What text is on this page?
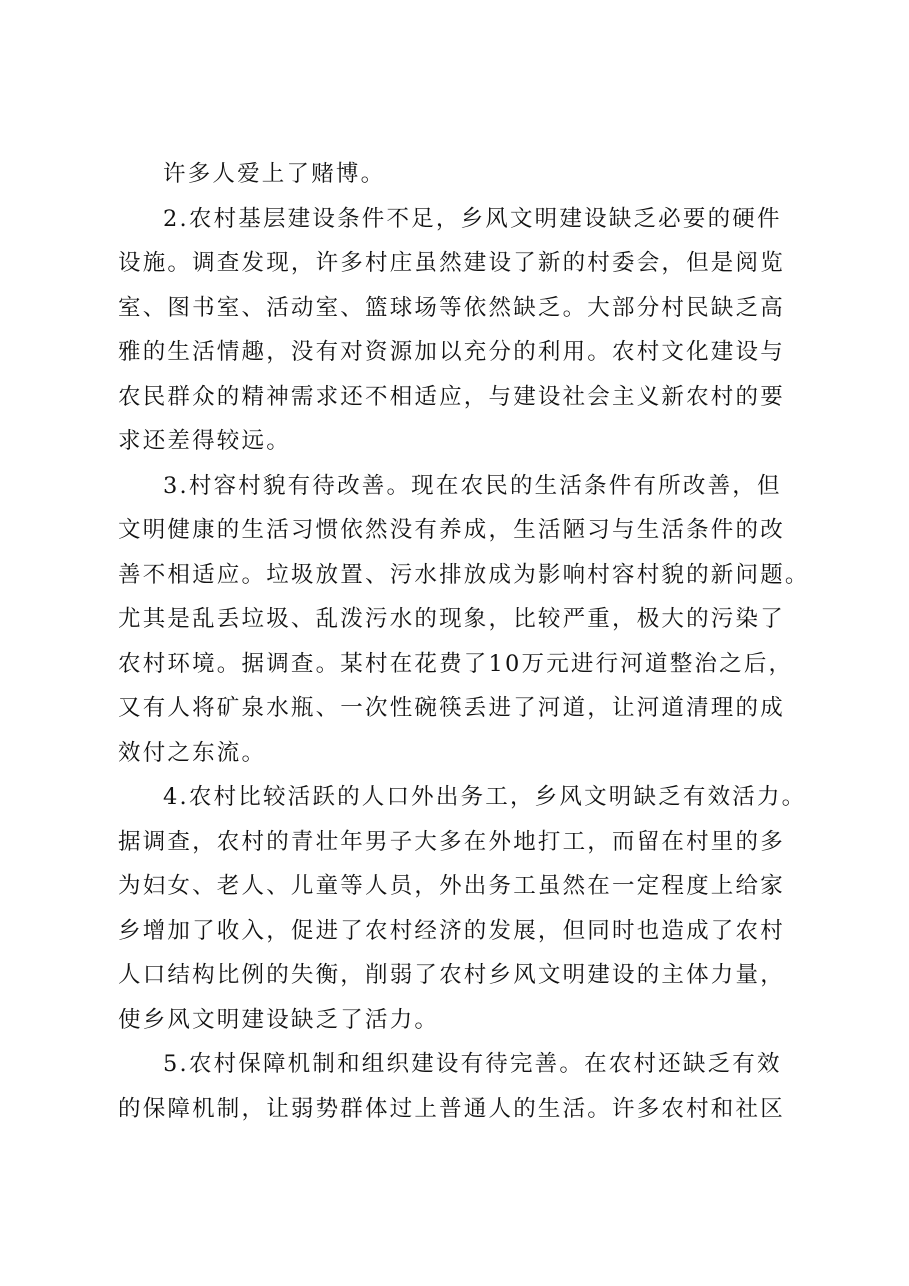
许多人爱上了赌博。

2.农村基层建设条件不足，乡风文明建设缺乏必要的硬件
设施。调查发现，许多村庄虽然建设了新的村委会，但是阅览
室、图书室、活动室、篮球场等依然缺乏。大部分村民缺乏高
雅的生活情趣，没有对资源加以充分的利用。农村文化建设与
农民群众的精神需求还不相适应，与建设社会主义新农村的要
求还差得较远。

3.村容村貌有待改善。现在农民的生活条件有所改善，但
文明健康的生活习惯依然没有养成，生活陋习与生活条件的改
善不相适应。垃圾放置、污水排放成为影响村容村貌的新问题。
尤其是乱丢垃圾、乱泼污水的现象，比较严重，极大的污染了
农村环境。据调查。某村在花费了10万元进行河道整治之后，
又有人将矿泉水瓶、一次性碗筷丢进了河道，让河道清理的成
效付之东流。

4.农村比较活跃的人口外出务工，乡风文明缺乏有效活力。
据调查，农村的青壮年男子大多在外地打工，而留在村里的多
为妇女、老人、儿童等人员，外出务工虽然在一定程度上给家
乡增加了收入，促进了农村经济的发展，但同时也造成了农村
人口结构比例的失衡，削弱了农村乡风文明建设的主体力量，
使乡风文明建设缺乏了活力。

5.农村保障机制和组织建设有待完善。在农村还缺乏有效
的保障机制，让弱势群体过上普通人的生活。许多农村和社区
